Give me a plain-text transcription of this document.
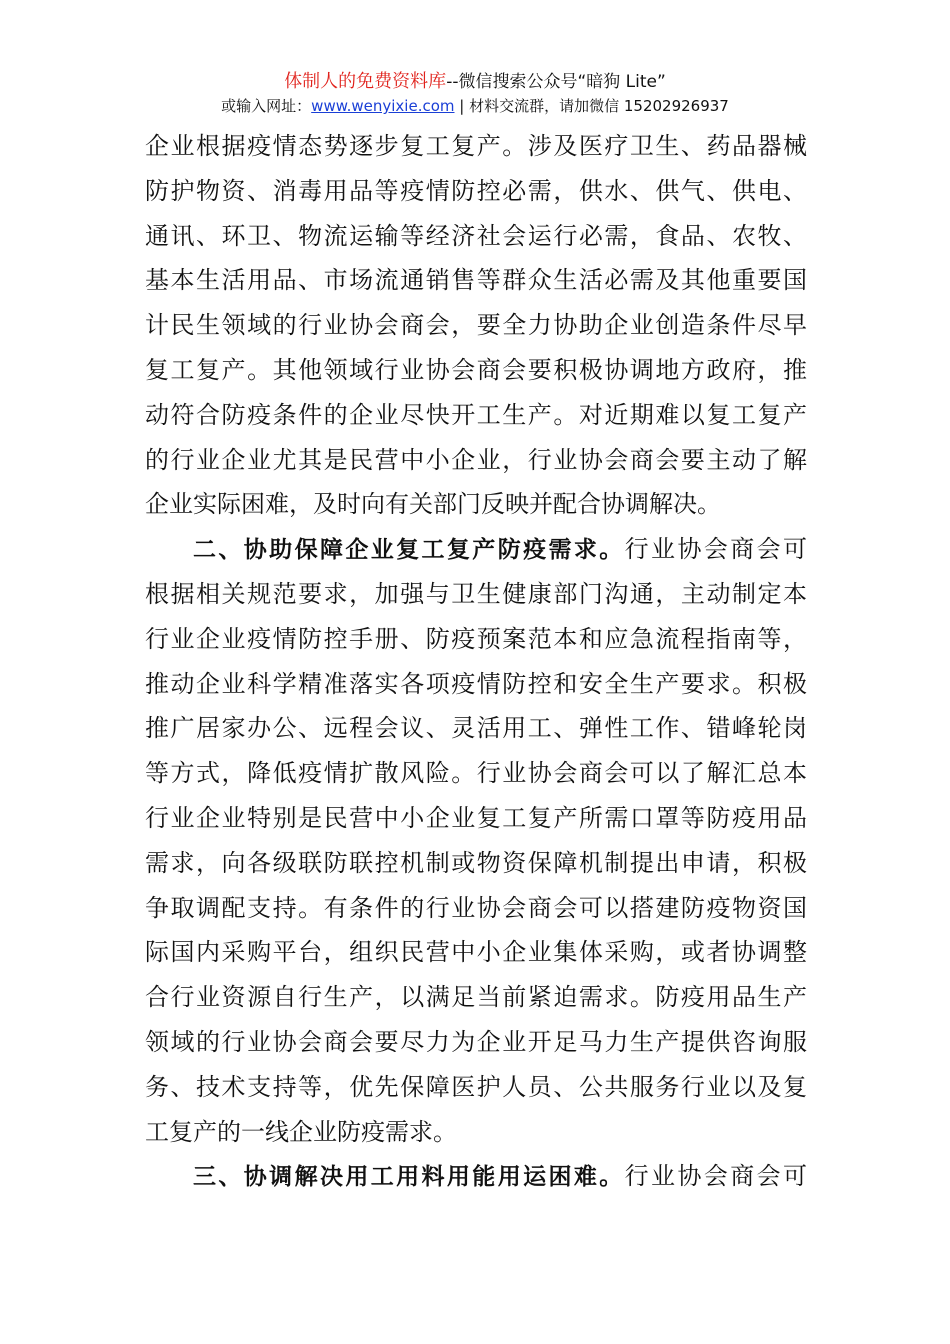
体制人的免费资料库--微信搜索公众号“暗狗 Lite”
或输入网址：www.wenyixie.com | 材料交流群，请加微信 15202926937
企业根据疫情态势逐步复工复产。涉及医疗卫生、药品器械
防护物资、消毒用品等疫情防控必需，供水、供气、供电、
通讯、环卫、物流运输等经济社会运行必需，食品、农牧、
基本生活用品、市场流通销售等群众生活必需及其他重要国
计民生领域的行业协会商会，要全力协助企业创造条件尽早
复工复产。其他领域行业协会商会要积极协调地方政府，推
动符合防疫条件的企业尽快开工生产。对近期难以复工复产
的行业企业尤其是民营中小企业，行业协会商会要主动了解
企业实际困难，及时向有关部门反映并配合协调解决。
二、协助保障企业复工复产防疫需求。行业协会商会可
根据相关规范要求，加强与卫生健康部门沟通，主动制定本
行业企业疫情防控手册、防疫预案范本和应急流程指南等，
推动企业科学精准落实各项疫情防控和安全生产要求。积极
推广居家办公、远程会议、灵活用工、弹性工作、错峰轮岗
等方式，降低疫情扩散风险。行业协会商会可以了解汇总本
行业企业特别是民营中小企业复工复产所需口罩等防疫用品
需求，向各级联防联控机制或物资保障机制提出申请，积极
争取调配支持。有条件的行业协会商会可以搭建防疫物资国
际国内采购平台，组织民营中小企业集体采购，或者协调整
合行业资源自行生产，以满足当前紧迫需求。防疫用品生产
领域的行业协会商会要尽力为企业开足马力生产提供咨询服
务、技术支持等，优先保障医护人员、公共服务行业以及复
工复产的一线企业防疫需求。
三、协调解决用工用料用能用运困难。行业协会商会可
